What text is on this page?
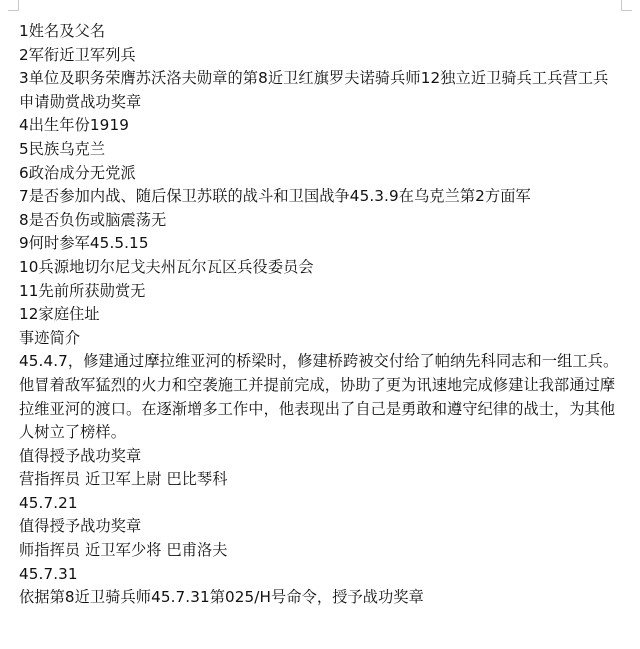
1姓名及父名

2军衔近卫军列兵

3单位及职务荣膺苏沃洛夫勋章的第8近卫红旗罗夫诺骑兵师12独立近卫骑兵工兵营工兵

申请勋赏战功奖章

4出生年份1919

5民族乌克兰

6政治成分无党派

7是否参加内战、随后保卫苏联的战斗和卫国战争45.3.9在乌克兰第2方面军

8是否负伤或脑震荡无

9何时参军45.5.15

10兵源地切尔尼戈夫州瓦尔瓦区兵役委员会

11先前所获勋赏无

12家庭住址

事迹简介

45.4.7，修建通过摩拉维亚河的桥梁时，修建桥跨被交付给了帕纳先科同志和一组工兵。

他冒着敌军猛烈的火力和空袭施工并提前完成，协助了更为讯速地完成修建让我部通过摩拉维亚河的渡口。在逐渐增多工作中，他表现出了自己是勇敢和遵守纪律的战士，为其他人树立了榜样。

值得授予战功奖章

营指挥员 近卫军上尉 巴比琴科

45.7.21

值得授予战功奖章

师指挥员 近卫军少将 巴甫洛夫

45.7.31

依据第8近卫骑兵师45.7.31第025/H号命令，授予战功奖章
